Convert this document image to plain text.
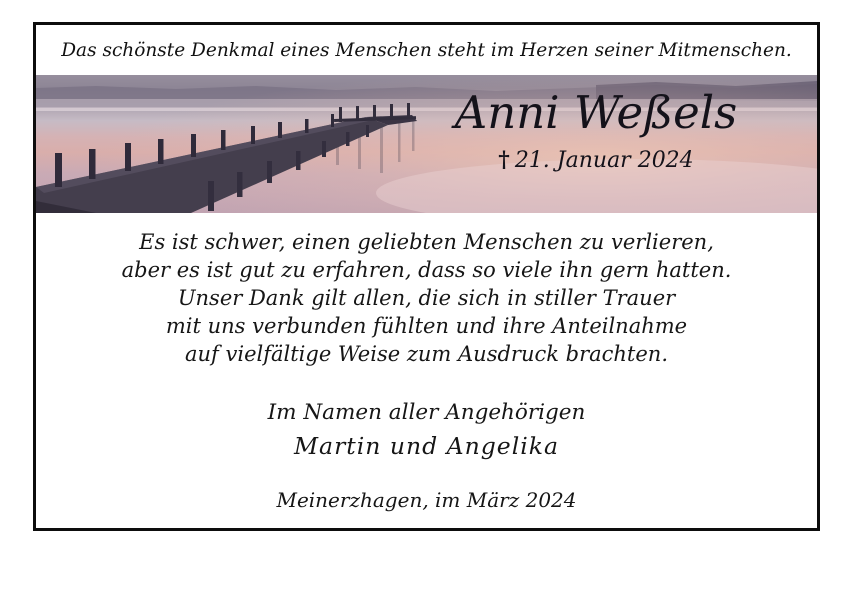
Das schönste Denkmal eines Menschen steht im Herzen seiner Mitmenschen.
Anni Weßels
† 21. Januar 2024
Es ist schwer, einen geliebten Menschen zu verlieren,
aber es ist gut zu erfahren, dass so viele ihn gern hatten.
Unser Dank gilt allen, die sich in stiller Trauer
mit uns verbunden fühlten und ihre Anteilnahme
auf vielfältige Weise zum Ausdruck brachten.
Im Namen aller Angehörigen
Martin und Angelika
Meinerzhagen, im März 2024
